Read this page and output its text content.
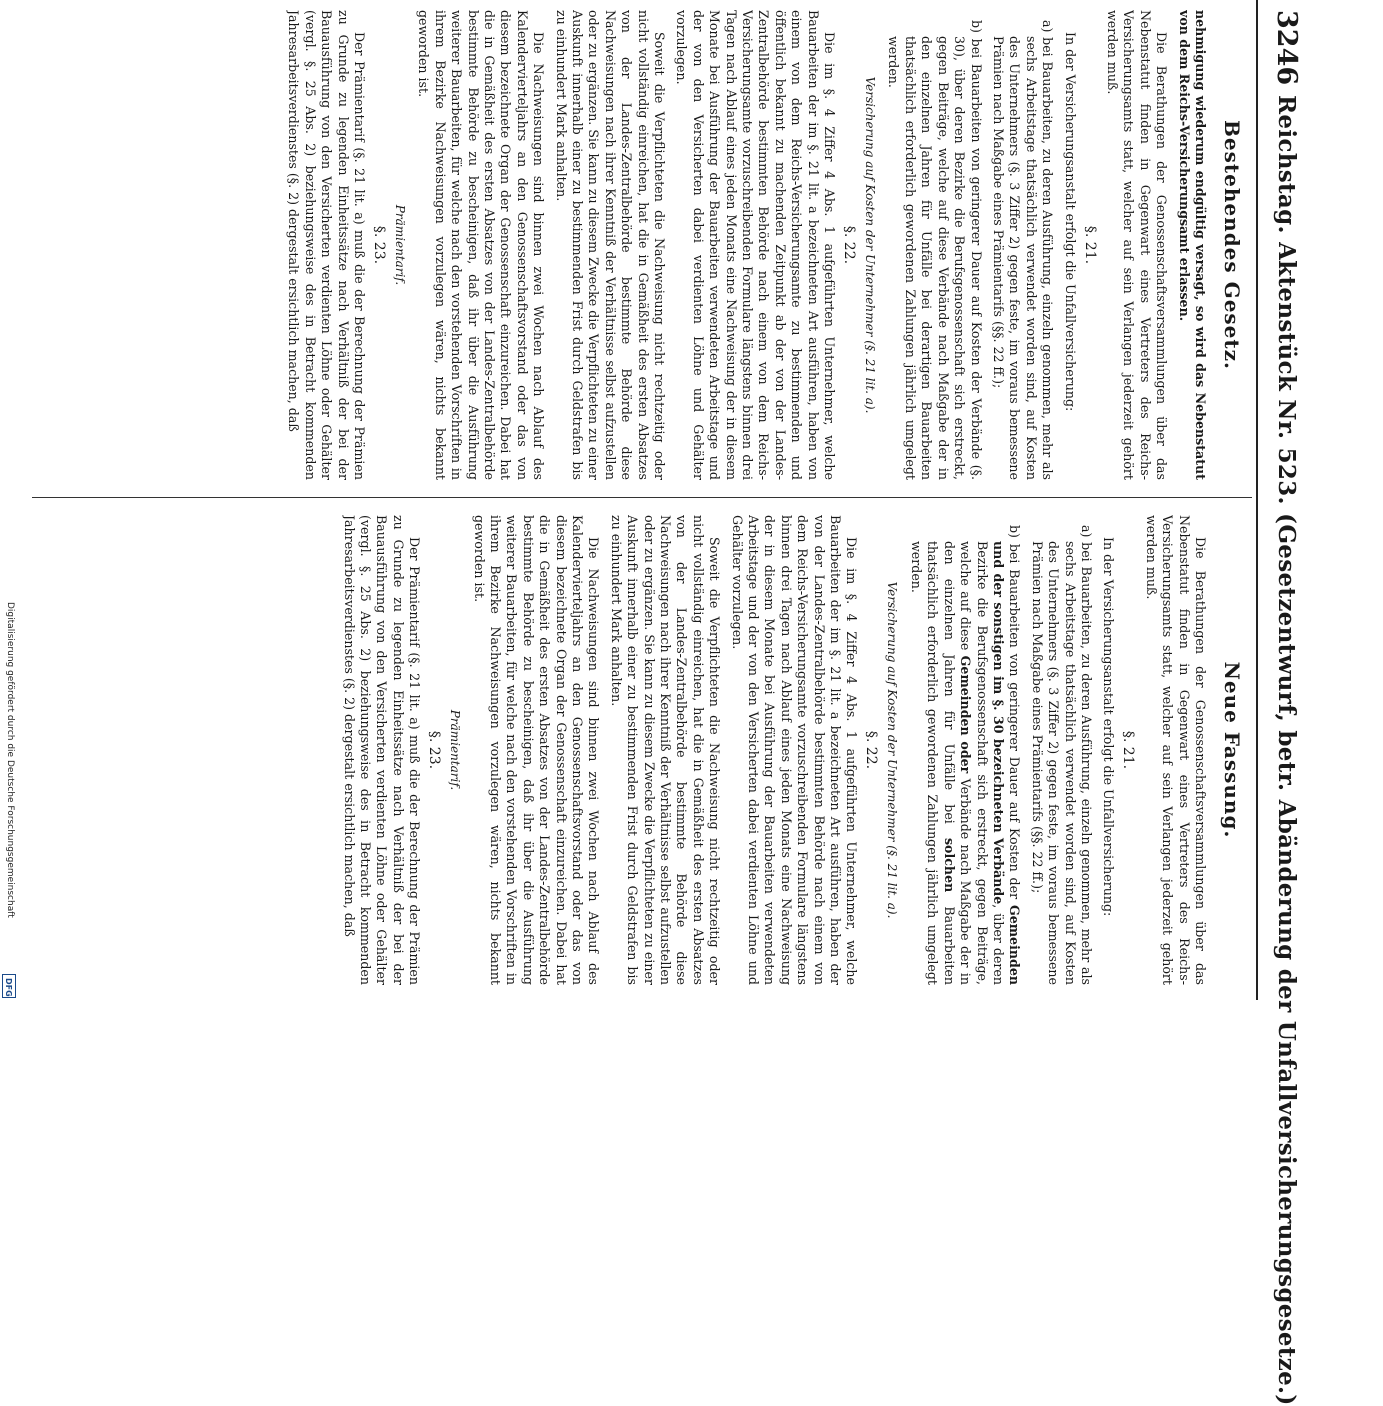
3246
Reichstag. Aktenstück Nr. 523. (Gesetzentwurf, betr. Abänderung der Unfallversicherungsgesetze.)
Bestehendes Gesetz.

nehmigung wiederum endgültig versagt, so wird das Nebenstatut von dem Reichs-Versicherungsamt erlassen.

Die Berathungen der Genossenschaftsversammlungen über das Nebenstatut finden in Gegenwart eines Vertreters des Reichs-Versicherungsamts statt, welcher auf sein Verlangen jederzeit gehört werden muß.

§. 21.

In der Versicherungsanstalt erfolgt die Unfallversicherung:

a) bei Bauarbeiten, zu deren Ausführung, einzeln genommen, mehr als sechs Arbeitstage thatsächlich verwendet worden sind, auf Kosten des Unternehmers (§. 3 Ziffer 2) gegen feste, im voraus bemessene Prämien nach Maßgabe eines Prämientarifs (§§. 22 ff.);

b) bei Bauarbeiten von geringerer Dauer auf Kosten der Verbände (§. 30), über deren Bezirke die Berufsgenossenschaft sich erstreckt, gegen Beiträge, welche auf diese Verbände nach Maßgabe der in den einzelnen Jahren für Unfälle bei derartigen Bauarbeiten thatsächlich erforderlich gewordenen Zahlungen jährlich umgelegt werden.

Versicherung auf Kosten der Unternehmer (§. 21 lit. a).
§. 22.

Die im §. 4 Ziffer 4 Abs. 1 aufgeführten Unternehmer, welche Bauarbeiten der im §. 21 lit. a bezeichneten Art ausführen, haben von einem von dem Reichs-Versicherungsamte zu bestimmenden und öffentlich bekannt zu machenden Zeitpunkt ab der von der Landes-Zentralbehörde bestimmten Behörde nach einem von dem Reichs-Versicherungsamte vorzuschreibenden Formulare längstens binnen drei Tagen nach Ablauf eines jeden Monats eine Nachweisung der in diesem Monate bei Ausführung der Bauarbeiten verwendeten Arbeitstage und der von den Versicherten dabei verdienten Löhne und Gehälter vorzulegen.

Soweit die Verpflichteten die Nachweisung nicht rechtzeitig oder nicht vollständig einreichen, hat die in Gemäßheit des ersten Absatzes von der Landes-Zentralbehörde bestimmte Behörde diese Nachweisungen nach ihrer Kenntniß der Verhältnisse selbst aufzustellen oder zu ergänzen. Sie kann zu diesem Zwecke die Verpflichteten zu einer Auskunft innerhalb einer zu bestimmenden Frist durch Geldstrafen bis zu einhundert Mark anhalten.

Die Nachweisungen sind binnen zwei Wochen nach Ablauf des Kalendervierteljahrs an den Genossenschaftsvorstand oder das von diesem bezeichnete Organ der Genossenschaft einzureichen. Dabei hat die in Gemäßheit des ersten Absatzes von der Landes-Zentralbehörde bestimmte Behörde zu bescheinigen, daß ihr über die Ausführung weiterer Bauarbeiten, für welche nach den vorstehenden Vorschriften in ihrem Bezirke Nachweisungen vorzulegen wären, nichts bekannt geworden ist.

Prämientarif.
§. 23.

Der Prämientarif (§. 21 lit. a) muß die der Berechnung der Prämien zu Grunde zu legenden Einheitssätze nach Verhältniß der bei der Bauausführung von den Versicherten verdienten Löhne oder Gehälter (vergl. §. 25 Abs. 2) beziehungsweise des in Betracht kommenden Jahresarbeitsverdienstes (§. 2) dergestalt ersichtlich machen, daß

Neue Fassung.

Die Berathungen der Genossenschaftsversammlungen über das Nebenstatut finden in Gegenwart eines Vertreters des Reichs-Versicherungsamts statt, welcher auf sein Verlangen jederzeit gehört werden muß.

§. 21.

In der Versicherungsanstalt erfolgt die Unfallversicherung:

a) bei Bauarbeiten, zu deren Ausführung, einzeln genommen, mehr als sechs Arbeitstage thatsächlich verwendet worden sind, auf Kosten des Unternehmers (§. 3 Ziffer 2) gegen feste, im voraus bemessene Prämien nach Maßgabe eines Prämientarifs (§§. 22 ff.);

b) bei Bauarbeiten von geringerer Dauer auf Kosten der Gemeinden und der sonstigen im §. 30 bezeichneten Verbände, über deren Bezirke die Berufsgenossenschaft sich erstreckt, gegen Beiträge, welche auf diese Gemeinden oder Verbände nach Maßgabe der in den einzelnen Jahren für Unfälle bei solchen Bauarbeiten thatsächlich erforderlich gewordenen Zahlungen jährlich umgelegt werden.

Versicherung auf Kosten der Unternehmer (§. 21 lit. a).
§. 22.

Die im §. 4 Ziffer 4 Abs. 1 aufgeführten Unternehmer, welche Bauarbeiten der im §. 21 lit. a bezeichneten Art ausführen, haben der von der Landes-Zentralbehörde bestimmten Behörde nach einem von dem Reichs-Versicherungsamte vorzuschreibenden Formulare längstens binnen drei Tagen nach Ablauf eines jeden Monats eine Nachweisung der in diesem Monate bei Ausführung der Bauarbeiten verwendeten Arbeitstage und der von den Versicherten dabei verdienten Löhne und Gehälter vorzulegen.

Soweit die Verpflichteten die Nachweisung nicht rechtzeitig oder nicht vollständig einreichen, hat die in Gemäßheit des ersten Absatzes von der Landes-Zentralbehörde bestimmte Behörde diese Nachweisungen nach ihrer Kenntniß der Verhältnisse selbst aufzustellen oder zu ergänzen. Sie kann zu diesem Zwecke die Verpflichteten zu einer Auskunft innerhalb einer zu bestimmenden Frist durch Geldstrafen bis zu einhundert Mark anhalten.

Die Nachweisungen sind binnen zwei Wochen nach Ablauf des Kalendervierteljahrs an den Genossenschaftsvorstand oder das von diesem bezeichnete Organ der Genossenschaft einzureichen. Dabei hat die in Gemäßheit des ersten Absatzes von der Landes-Zentralbehörde bestimmte Behörde zu bescheinigen, daß ihr über die Ausführung weiterer Bauarbeiten, für welche nach den vorstehenden Vorschriften in ihrem Bezirke Nachweisungen vorzulegen wären, nichts bekannt geworden ist.

Prämientarif.
§. 23.

Der Prämientarif (§. 21 lit. a) muß die der Berechnung der Prämien zu Grunde zu legenden Einheitssätze nach Verhältniß der bei der Bauausführung von den Versicherten verdienten Löhne oder Gehälter (vergl. §. 25 Abs. 2) beziehungsweise des in Betracht kommenden Jahresarbeitsverdienstes (§. 2) dergestalt ersichtlich machen, daß

Digitalisierung gefördert durch die Deutsche Forschungsgemeinschaft
DFG
